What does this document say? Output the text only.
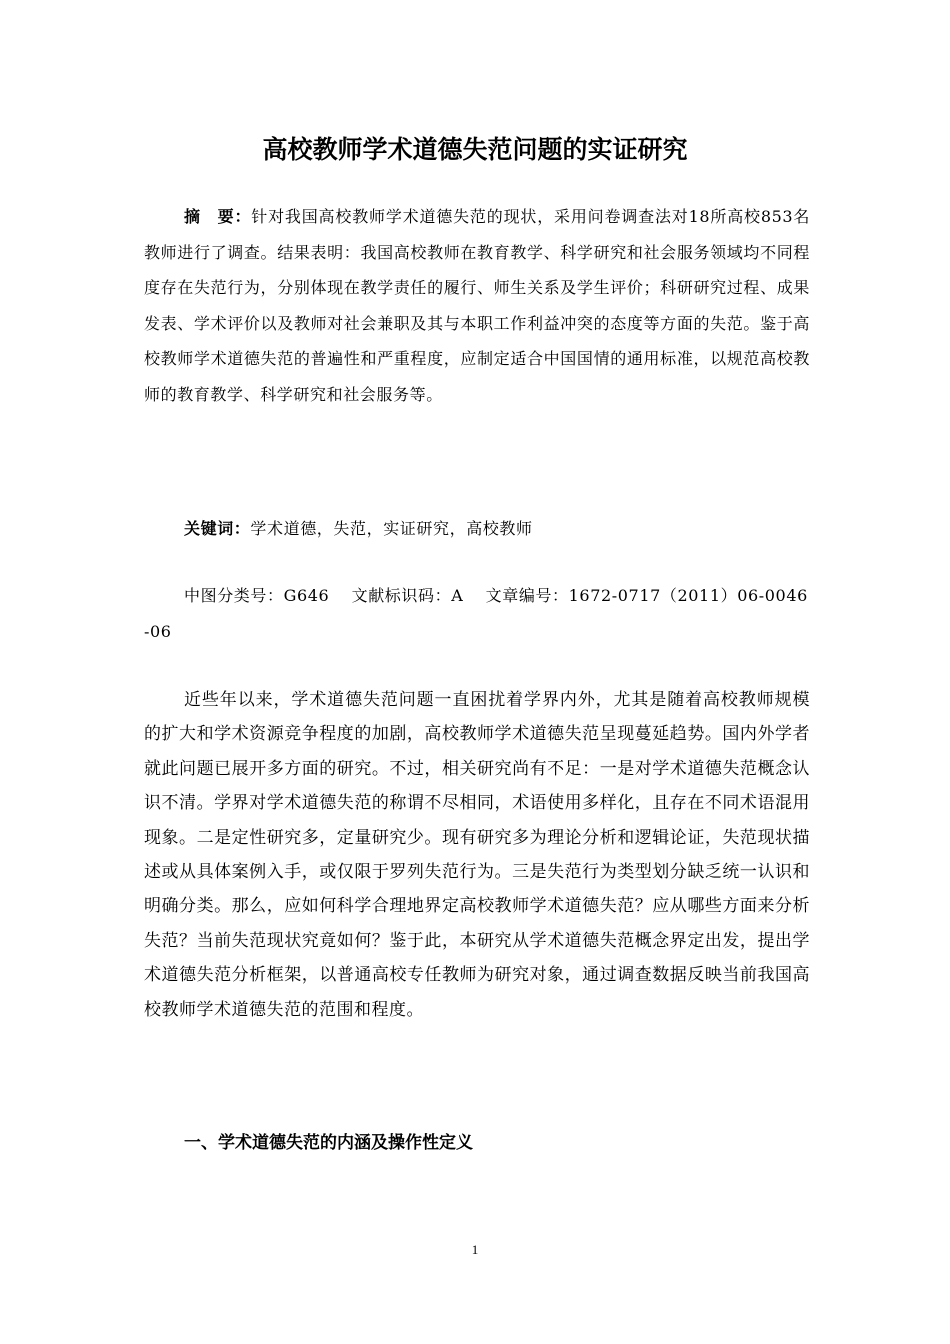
高校教师学术道德失范问题的实证研究

摘　要：针对我国高校教师学术道德失范的现状，采用问卷调查法对18所高校853名教师进行了调查。结果表明：我国高校教师在教育教学、科学研究和社会服务领域均不同程度存在失范行为，分别体现在教学责任的履行、师生关系及学生评价；科研研究过程、成果发表、学术评价以及教师对社会兼职及其与本职工作利益冲突的态度等方面的失范。鉴于高校教师学术道德失范的普遍性和严重程度，应制定适合中国国情的通用标准，以规范高校教师的教育教学、科学研究和社会服务等。

关键词：学术道德，失范，实证研究，高校教师

中图分类号：G646　 文献标识码：A　 文章编号：1672-0717（2011）06-0046-06

近些年以来，学术道德失范问题一直困扰着学界内外，尤其是随着高校教师规模的扩大和学术资源竞争程度的加剧，高校教师学术道德失范呈现蔓延趋势。国内外学者就此问题已展开多方面的研究。不过，相关研究尚有不足：一是对学术道德失范概念认识不清。学界对学术道德失范的称谓不尽相同，术语使用多样化，且存在不同术语混用现象。二是定性研究多，定量研究少。现有研究多为理论分析和逻辑论证，失范现状描述或从具体案例入手，或仅限于罗列失范行为。三是失范行为类型划分缺乏统一认识和明确分类。那么，应如何科学合理地界定高校教师学术道德失范？应从哪些方面来分析失范？当前失范现状究竟如何？鉴于此，本研究从学术道德失范概念界定出发，提出学术道德失范分析框架，以普通高校专任教师为研究对象，通过调查数据反映当前我国高校教师学术道德失范的范围和程度。

一、学术道德失范的内涵及操作性定义

1
